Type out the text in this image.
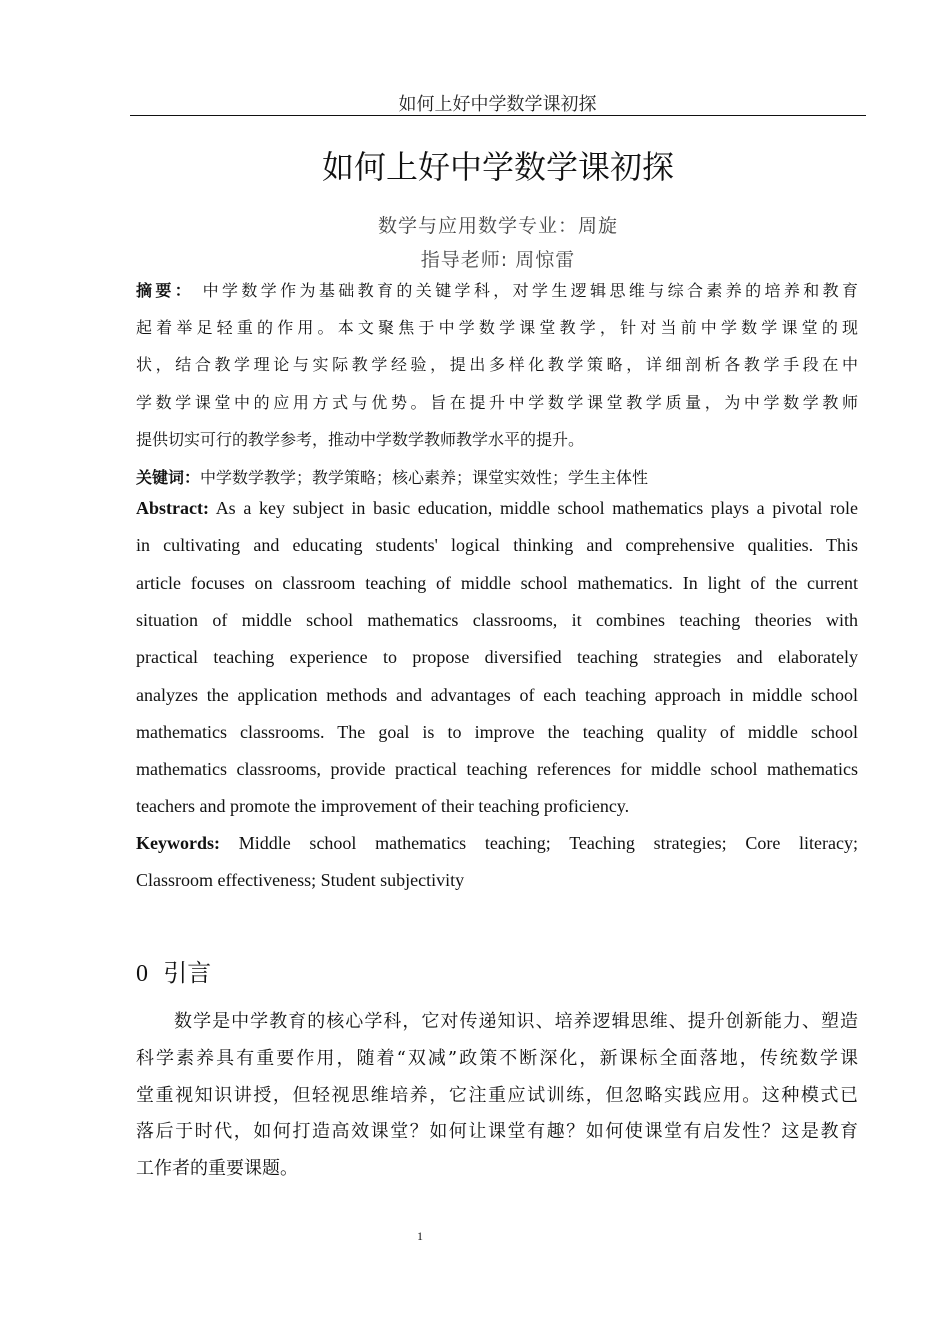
如何上好中学数学课初探
如何上好中学数学课初探
数学与应用数学专业：周旋
指导老师: 周惊雷
摘要： 中学数学作为基础教育的关键学科，对学生逻辑思维与综合素养的培养和教育
起着举足轻重的作用。本文聚焦于中学数学课堂教学，针对当前中学数学课堂的现
状，结合教学理论与实际教学经验，提出多样化教学策略，详细剖析各教学手段在中
学数学课堂中的应用方式与优势。旨在提升中学数学课堂教学质量，为中学数学教师
提供切实可行的教学参考，推动中学数学教师教学水平的提升。
关键词：中学数学教学；教学策略；核心素养；课堂实效性；学生主体性
Abstract: As a key subject in basic education, middle school mathematics plays a pivotal role
in cultivating and educating students' logical thinking and comprehensive qualities. This
article focuses on classroom teaching of middle school mathematics. In light of the current
situation of middle school mathematics classrooms, it combines teaching theories with
practical teaching experience to propose diversified teaching strategies and elaborately
analyzes the application methods and advantages of each teaching approach in middle school
mathematics classrooms. The goal is to improve the teaching quality of middle school
mathematics classrooms, provide practical teaching references for middle school mathematics
teachers and promote the improvement of their teaching proficiency.
Keywords: Middle school mathematics teaching; Teaching strategies; Core literacy;
Classroom effectiveness; Student subjectivity
0 引言
　　数学是中学教育的核心学科，它对传递知识、培养逻辑思维、提升创新能力、塑造
科学素养具有重要作用，随着“双减”政策不断深化，新课标全面落地，传统数学课
堂重视知识讲授，但轻视思维培养，它注重应试训练，但忽略实践应用。这种模式已
落后于时代，如何打造高效课堂？如何让课堂有趣？如何使课堂有启发性？这是教育
工作者的重要课题。
1
